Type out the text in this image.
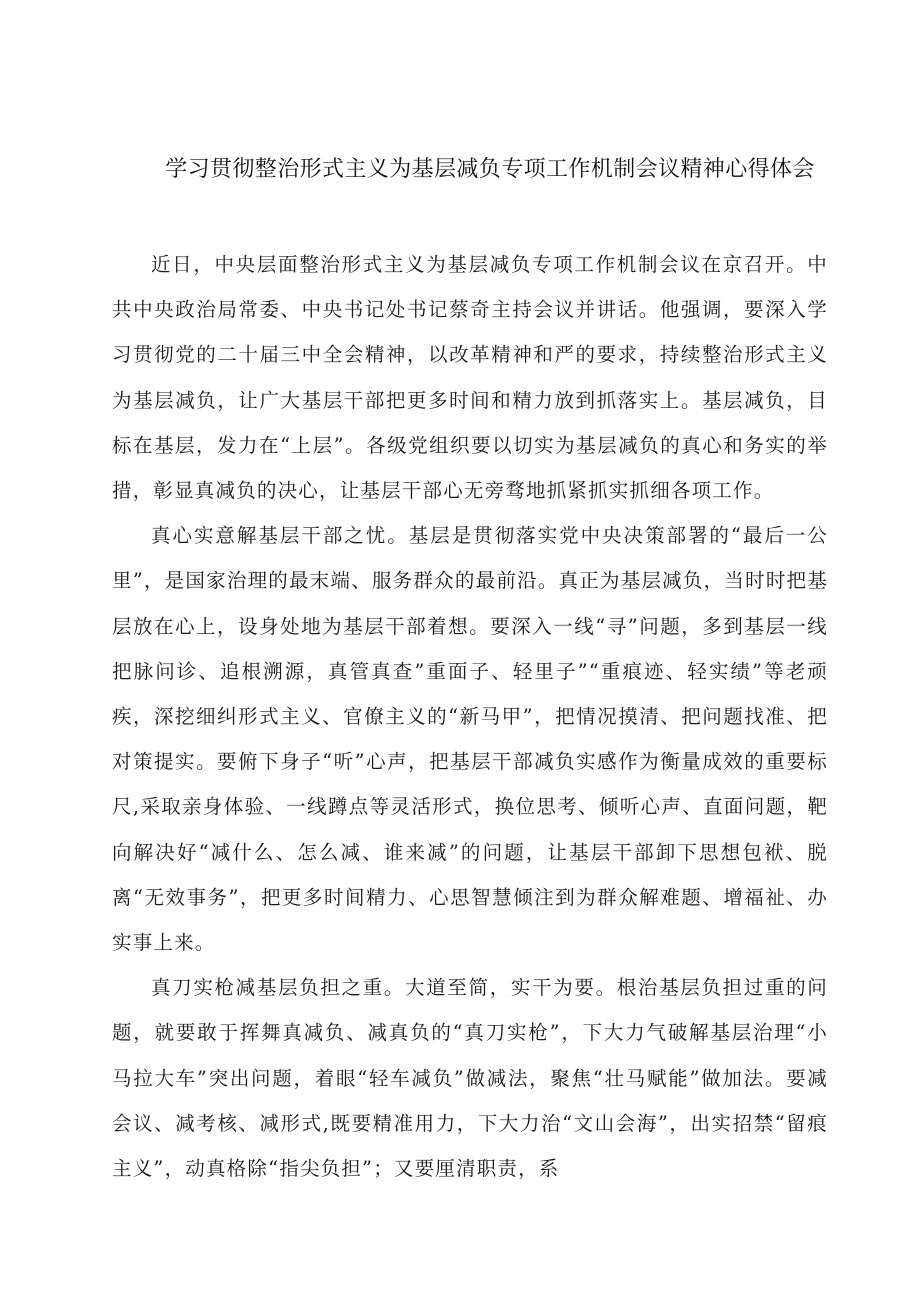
学习贯彻整治形式主义为基层减负专项工作机制会议精神心得体会

近日，中央层面整治形式主义为基层减负专项工作机制会议在京召开。中共中央政治局常委、中央书记处书记蔡奇主持会议并讲话。他强调，要深入学习贯彻党的二十届三中全会精神，以改革精神和严的要求，持续整治形式主义为基层减负，让广大基层干部把更多时间和精力放到抓落实上。基层减负，目标在基层，发力在“上层”。各级党组织要以切实为基层减负的真心和务实的举措，彰显真减负的决心，让基层干部心无旁骛地抓紧抓实抓细各项工作。

真心实意解基层干部之忧。基层是贯彻落实党中央决策部署的“最后一公里”，是国家治理的最末端、服务群众的最前沿。真正为基层减负，当时时把基层放在心上，设身处地为基层干部着想。要深入一线“寻”问题，多到基层一线把脉问诊、追根溯源，真管真查”重面子、轻里子”“重痕迹、轻实绩”等老顽疾，深挖细纠形式主义、官僚主义的“新马甲”，把情况摸清、把问题找准、把对策提实。要俯下身子“听”心声，把基层干部减负实感作为衡量成效的重要标尺,采取亲身体验、一线蹲点等灵活形式，换位思考、倾听心声、直面问题，靶向解决好“减什么、怎么减、谁来减”的问题，让基层干部卸下思想包袱、脱离“无效事务”，把更多时间精力、心思智慧倾注到为群众解难题、增福祉、办实事上来。

真刀实枪减基层负担之重。大道至简，实干为要。根治基层负担过重的问题，就要敢于挥舞真减负、减真负的“真刀实枪”，下大力气破解基层治理“小马拉大车”突出问题，着眼“轻车减负”做减法，聚焦“壮马赋能”做加法。要减会议、减考核、减形式,既要精准用力，下大力治“文山会海”，出实招禁“留痕主义”，动真格除“指尖负担”；又要厘清职责，系
